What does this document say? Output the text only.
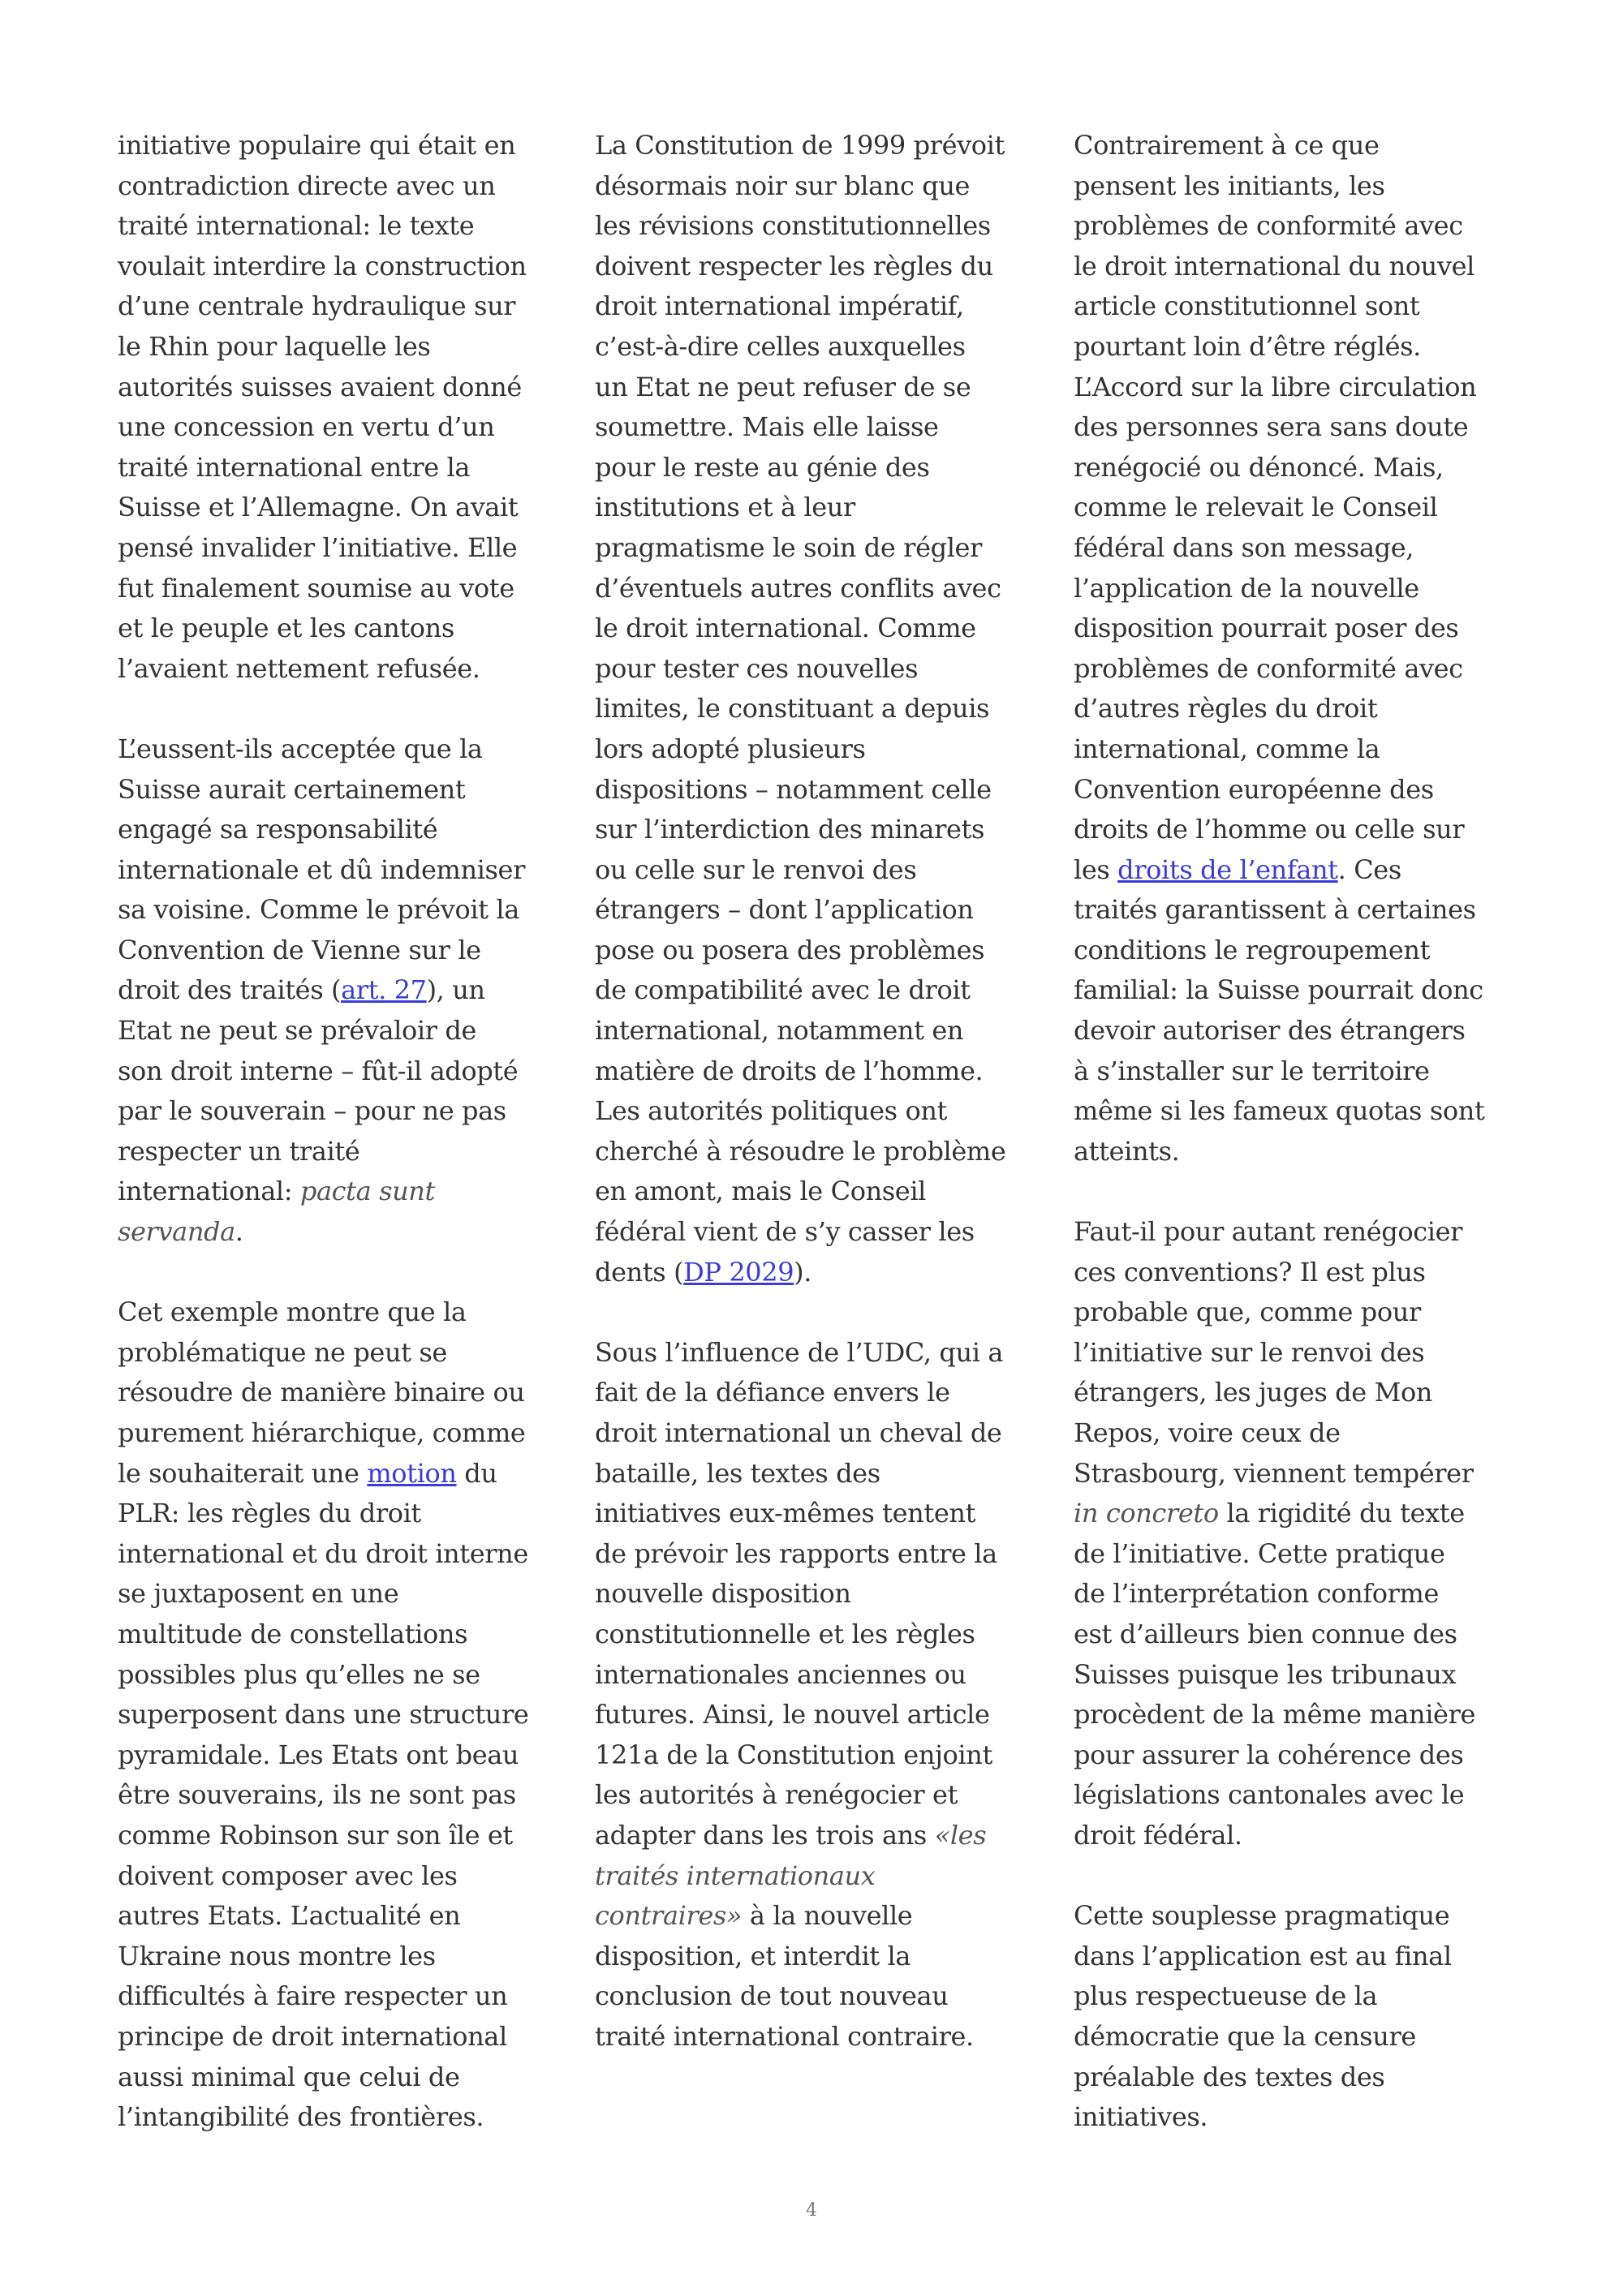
initiative populaire qui était en
contradiction directe avec un
traité international: le texte
voulait interdire la construction
d’une centrale hydraulique sur
le Rhin pour laquelle les
autorités suisses avaient donné
une concession en vertu d’un
traité international entre la
Suisse et l’Allemagne. On avait
pensé invalider l’initiative. Elle
fut finalement soumise au vote
et le peuple et les cantons
l’avaient nettement refusée.

L’eussent-ils acceptée que la
Suisse aurait certainement
engagé sa responsabilité
internationale et dû indemniser
sa voisine. Comme le prévoit la
Convention de Vienne sur le
droit des traités (art. 27), un
Etat ne peut se prévaloir de
son droit interne – fût-il adopté
par le souverain – pour ne pas
respecter un traité
international: pacta sunt
servanda.

Cet exemple montre que la
problématique ne peut se
résoudre de manière binaire ou
purement hiérarchique, comme
le souhaiterait une motion du
PLR: les règles du droit
international et du droit interne
se juxtaposent en une
multitude de constellations
possibles plus qu’elles ne se
superposent dans une structure
pyramidale. Les Etats ont beau
être souverains, ils ne sont pas
comme Robinson sur son île et
doivent composer avec les
autres Etats. L’actualité en
Ukraine nous montre les
difficultés à faire respecter un
principe de droit international
aussi minimal que celui de
l’intangibilité des frontières.

La Constitution de 1999 prévoit
désormais noir sur blanc que
les révisions constitutionnelles
doivent respecter les règles du
droit international impératif,
c’est-à-dire celles auxquelles
un Etat ne peut refuser de se
soumettre. Mais elle laisse
pour le reste au génie des
institutions et à leur
pragmatisme le soin de régler
d’éventuels autres conflits avec
le droit international. Comme
pour tester ces nouvelles
limites, le constituant a depuis
lors adopté plusieurs
dispositions – notamment celle
sur l’interdiction des minarets
ou celle sur le renvoi des
étrangers – dont l’application
pose ou posera des problèmes
de compatibilité avec le droit
international, notamment en
matière de droits de l’homme.
Les autorités politiques ont
cherché à résoudre le problème
en amont, mais le Conseil
fédéral vient de s’y casser les
dents (DP 2029).

Sous l’influence de l’UDC, qui a
fait de la défiance envers le
droit international un cheval de
bataille, les textes des
initiatives eux-mêmes tentent
de prévoir les rapports entre la
nouvelle disposition
constitutionnelle et les règles
internationales anciennes ou
futures. Ainsi, le nouvel article
121a de la Constitution enjoint
les autorités à renégocier et
adapter dans les trois ans «les
traités internationaux
contraires» à la nouvelle
disposition, et interdit la
conclusion de tout nouveau
traité international contraire.

Contrairement à ce que
pensent les initiants, les
problèmes de conformité avec
le droit international du nouvel
article constitutionnel sont
pourtant loin d’être réglés.
L’Accord sur la libre circulation
des personnes sera sans doute
renégocié ou dénoncé. Mais,
comme le relevait le Conseil
fédéral dans son message,
l’application de la nouvelle
disposition pourrait poser des
problèmes de conformité avec
d’autres règles du droit
international, comme la
Convention européenne des
droits de l’homme ou celle sur
les droits de l’enfant. Ces
traités garantissent à certaines
conditions le regroupement
familial: la Suisse pourrait donc
devoir autoriser des étrangers
à s’installer sur le territoire
même si les fameux quotas sont
atteints.

Faut-il pour autant renégocier
ces conventions? Il est plus
probable que, comme pour
l’initiative sur le renvoi des
étrangers, les juges de Mon
Repos, voire ceux de
Strasbourg, viennent tempérer
in concreto la rigidité du texte
de l’initiative. Cette pratique
de l’interprétation conforme
est d’ailleurs bien connue des
Suisses puisque les tribunaux
procèdent de la même manière
pour assurer la cohérence des
législations cantonales avec le
droit fédéral.

Cette souplesse pragmatique
dans l’application est au final
plus respectueuse de la
démocratie que la censure
préalable des textes des
initiatives.

4
